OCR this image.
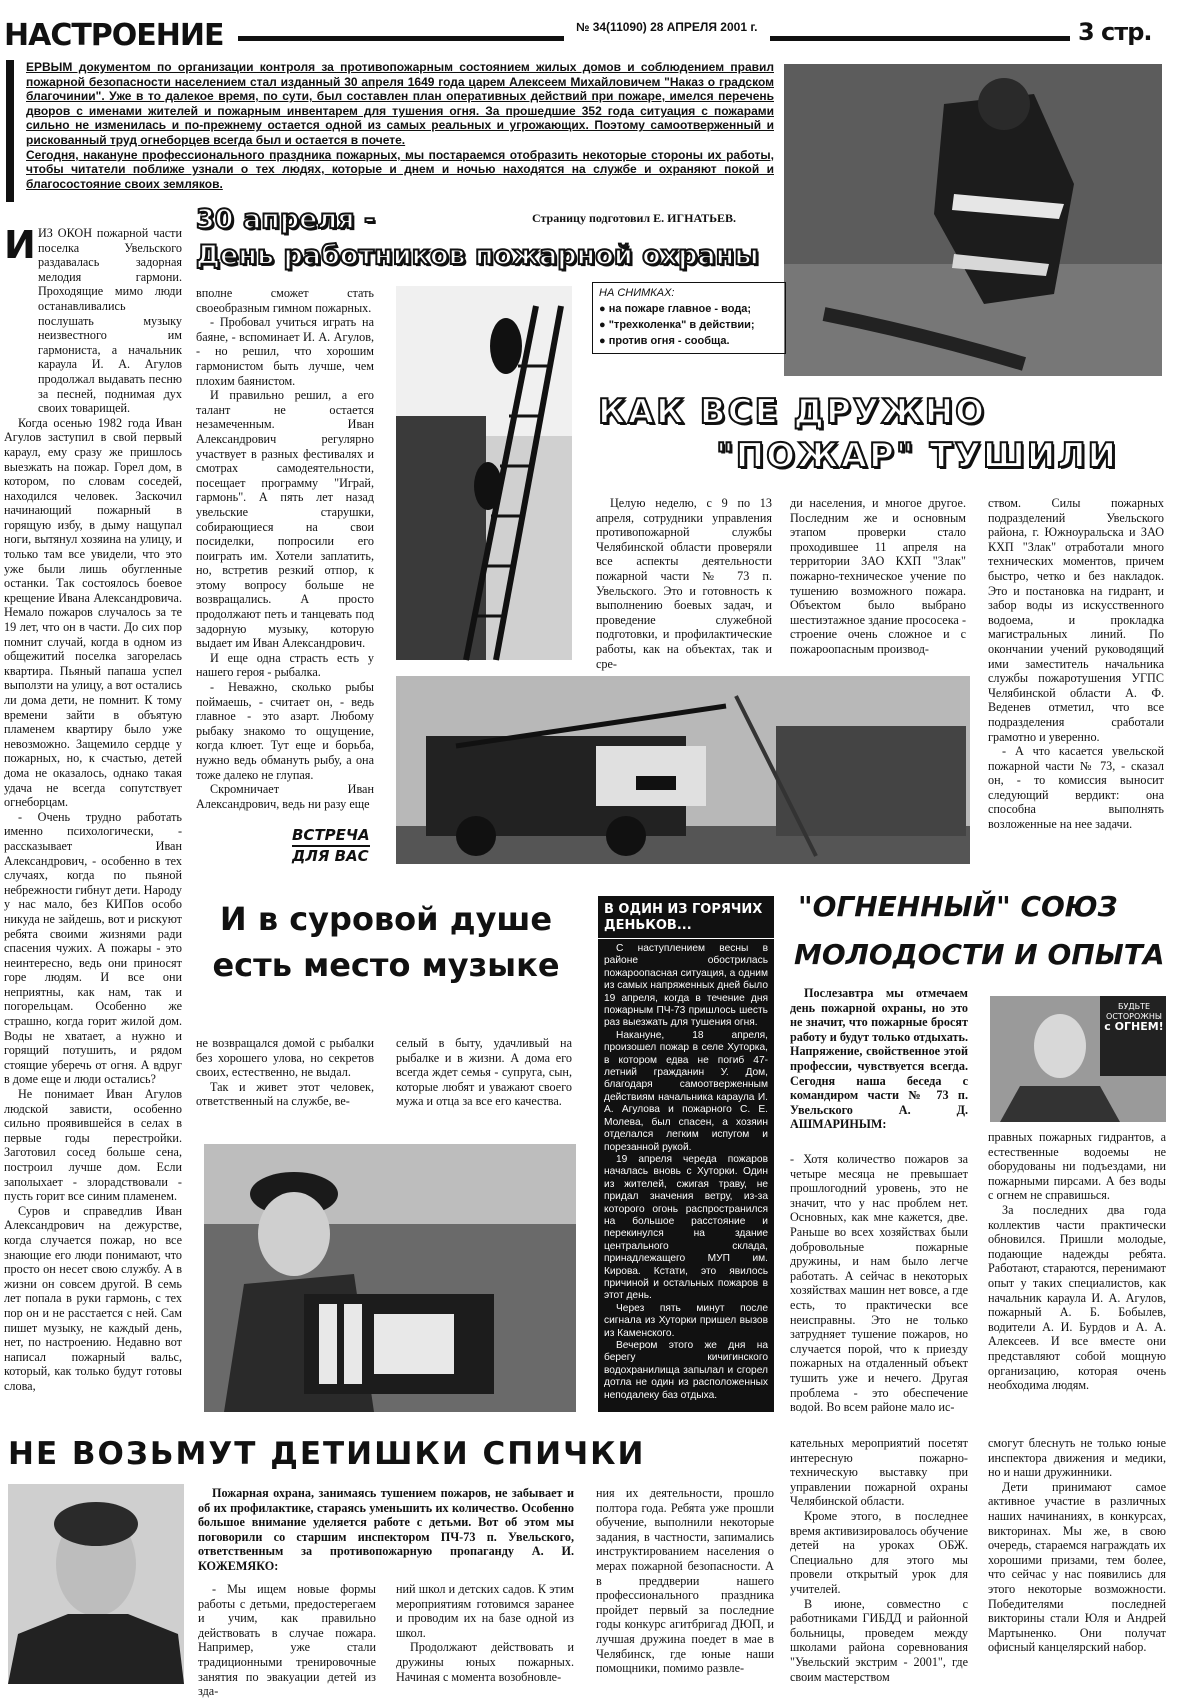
НАСТРОЕНИЕ	№ 34(11090) 28 АПРЕЛЯ 2001 г.	3 стр.
ЕРВЫМ документом по организации контроля за противопожарным состоянием жилых домов и соблюдением правил пожарной безопасности населением стал изданный 30 апреля 1649 года царем Алексеем Михайловичем "Наказ о градском благочинии". Уже в то далекое время, по сути, был составлен план оперативных действий при пожаре, имелся перечень дворов с именами жителей и пожарным инвентарем для тушения огня. За прошедшие 352 года ситуация с пожарами сильно не изменилась и по-прежнему остается одной из самых реальных и угрожающих. Поэтому самоотверженный и рискованный труд огнеборцев всегда был и остается в почете.
Сегодня, накануне профессионального праздника пожарных, мы постараемся отобразить некоторые стороны их работы, чтобы читатели поближе узнали о тех людях, которые и днем и ночью находятся на службе и охраняют покой и благосостояние своих земляков.
30 апреля -	Страницу подготовил Е. ИГНАТЬЕВ.
День работников пожарной охраны
И ИЗ ОКОН пожарной части поселка Увельского раздавалась задорная мелодия гармони. Проходящие мимо люди останавливались послушать музыку неизвестного им гармониста, а начальник караула И. А. Агулов продолжал выдавать песню за песней, поднимая дух своих товарищей.

Когда осенью 1982 года Иван Агулов заступил в свой первый караул, ему сразу же пришлось выезжать на пожар. Горел дом, в котором, по словам соседей, находился человек. Заскочил начинающий пожарный в горящую избу, в дыму нащупал ноги, вытянул хозяина на улицу, и только там все увидели, что это уже были лишь обугленные останки. Так состоялось боевое крещение Ивана Александровича. Немало пожаров случалось за те 19 лет, что он в части. До сих пор помнит случай, когда в одном из общежитий поселка загорелась квартира. Пьяный папаша успел выползти на улицу, а вот остались ли дома дети, не помнит. К тому времени зайти в объятую пламенем квартиру было уже невозможно. Защемило сердце у пожарных, но, к счастью, детей дома не оказалось, однако такая удача не всегда сопутствует огнеборцам.

- Очень трудно работать именно психологически, - рассказывает Иван Александрович, - особенно в тех случаях, когда по пьяной небрежности гибнут дети. Народу у нас мало, без КИПов особо никуда не зайдешь, вот и рискуют ребята своими жизнями ради спасения чужих. А пожары - это неинтересно, ведь они приносят горе людям. И все они неприятны, как нам, так и погорельцам. Особенно же страшно, когда горит жилой дом. Воды не хватает, а нужно и горящий потушить, и рядом стоящие уберечь от огня. А вдруг в доме еще и люди остались?

Не понимает Иван Агулов людской зависти, особенно сильно проявившейся в селах в первые годы перестройки. Заготовил сосед больше сена, построил лучше дом. Если заполыхает - злорадствовали - пусть горит все синим пламенем.

Суров и справедлив Иван Александрович на дежурстве, когда случается пожар, но все знающие его люди понимают, что просто он несет свою службу. А в жизни он совсем другой. В семь лет попала в руки гармонь, с тех пор он и не расстается с ней. Сам пишет музыку, не каждый день, нет, по настроению. Недавно вот написал пожарный вальс, который, как только будут готовы слова,

вполне сможет стать своеобразным гимном пожарных.

- Пробовал учиться играть на баяне, - вспоминает И. А. Агулов, - но решил, что хорошим гармонистом быть лучше, чем плохим баянистом.

И правильно решил, а его талант не остается незамеченным. Иван Александрович регулярно участвует в разных фестивалях и смотрах самодеятельности, посещает программу "Играй, гармонь". А пять лет назад увельские старушки, собирающиеся на свои посиделки, попросили его поиграть им. Хотели заплатить, но, встретив резкий отпор, к этому вопросу больше не возвращались. А просто продолжают петь и танцевать под задорную музыку, которую выдает им Иван Александрович.

И еще одна страсть есть у нашего героя - рыбалка.

- Неважно, сколько рыбы поймаешь, - считает он, - ведь главное - это азарт. Любому рыбаку знакомо то ощущение, когда клюет. Тут еще и борьба, нужно ведь обмануть рыбу, а она тоже далеко не глупая.

Скромничает Иван Александрович, ведь ни разу еще

ВСТРЕЧА
ДЛЯ ВАС
НА СНИМКАХ:
● на пожаре главное - вода;
● "трехколенка" в действии;
● против огня - сообща.
КАК ВСЕ ДРУЖНО
"ПОЖАР" ТУШИЛИ

Целую неделю, с 9 по 13 апреля, сотрудники управления противопожарной службы Челябинской области проверяли все аспекты деятельности пожарной части № 73 п. Увельского. Это и готовность к выполнению боевых задач, и проведение служебной подготовки, и профилактические работы, как на объектах, так и сре-

ди населения, и многое другое. Последним же и основным этапом проверки стало проходившее 11 апреля на территории ЗАО КХП "Злак" пожарно-техническое учение по тушению возможного пожара. Объектом было выбрано шестиэтажное здание прососека - строение очень сложное и с пожароопасным производ-

ством. Силы пожарных подразделений Увельского района, г. Южноуральска и ЗАО КХП "Злак" отработали много технических моментов, причем быстро, четко и без накладок. Это и постановка на гидрант, и забор воды из искусственного водоема, и прокладка магистральных линий. По окончании учений руководящий ими заместитель начальника службы пожаротушения УГПС Челябинской области А. Ф. Веденев отметил, что все подразделения сработали грамотно и уверенно.

- А что касается увельской пожарной части № 73, - сказал он, - то комиссия выносит следующий вердикт: она способна выполнять возложенные на нее задачи.

И в суровой душе есть место музыке

не возвращался домой с рыбалки без хорошего улова, но секретов своих, естественно, не выдал.

Так и живет этот человек, ответственный на службе, ве-

селый в быту, удачливый на рыбалке и в жизни. А дома его всегда ждет семья - супруга, сын, которые любят и уважают своего мужа и отца за все его качества.

В ОДИН ИЗ ГОРЯЧИХ
ДЕНЬКОВ...

С наступлением весны в районе обострилась пожароопасная ситуация, а одним из самых напряженных дней было 19 апреля, когда в течение дня пожарным ПЧ-73 пришлось шесть раз выезжать для тушения огня.

Накануне, 18 апреля, произошел пожар в селе Хуторка, в котором едва не погиб 47-летний гражданин У. Дом, благодаря самоотверженным действиям начальника караула И. А. Агулова и пожарного С. Е. Молева, был спасен, а хозяин отделался легким испугом и порезанной рукой.

19 апреля череда пожаров началась вновь с Хуторки. Один из жителей, сжигая траву, не придал значения ветру, из-за которого огонь распространился на большое расстояние и перекинулся на здание центрального склада, принадлежащего МУП им. Кирова. Кстати, это явилось причиной и остальных пожаров в этот день.

Через пять минут после сигнала из Хуторки пришел вызов из Каменского.

Вечером этого же дня на берегу кичигинского водохранилища запылал и сгорел дотла не один из расположенных неподалеку баз отдыха.

"ОГНЕННЫЙ" СОЮЗ
МОЛОДОСТИ И ОПЫТА

Послезавтра мы отмечаем день пожарной охраны, но это не значит, что пожарные бросят работу и будут только отдыхать. Напряжение, свойственное этой профессии, чувствуется всегда. Сегодня наша беседа с командиром части № 73 п. Увельского А. Д. АШМАРИНЫМ:

- Хотя количество пожаров за четыре месяца не превышает прошлогодний уровень, это не значит, что у нас проблем нет. Основных, как мне кажется, две. Раньше во всех хозяйствах были добровольные пожарные дружины, и нам было легче работать. А сейчас в некоторых хозяйствах машин нет вовсе, а где есть, то практически все неисправны. Это не только затрудняет тушение пожаров, но случается порой, что к приезду пожарных на отдаленный объект тушить уже и нечего. Другая проблема - это обеспечение водой. Во всем районе мало ис-

БУДЬТЕ
ОСТОРОЖНЫ
с ОГНЕМ!

правных пожарных гидрантов, а естественные водоемы не оборудованы ни подъездами, ни пожарными пирсами. А без воды с огнем не справишься.

За последних два года коллектив части практически обновился. Пришли молодые, подающие надежды ребята. Работают, стараются, перенимают опыт у таких специалистов, как начальник караула И. А. Агулов, пожарный А. Б. Бобылев, водители А. И. Бурдов и А. А. Алексеев. И все вместе они представляют собой мощную организацию, которая очень необходима людям.

НЕ ВОЗЬМУТ ДЕТИШКИ СПИЧКИ

Пожарная охрана, занимаясь тушением пожаров, не забывает и об их профилактике, стараясь уменьшить их количество. Особенно большое внимание уделяется работе с детьми. Вот об этом мы поговорили со старшим инспектором ПЧ-73 п. Увельского, ответственным за противопожарную пропаганду А. И. КОЖЕМЯКО:

- Мы ищем новые формы работы с детьми, предостерегаем и учим, как правильно действовать в случае пожара. Например, уже стали традиционными тренировочные занятия по эвакуации детей из зда-

ний школ и детских садов. К этим мероприятиям готовимся заранее и проводим их на базе одной из школ.

Продолжают действовать и дружины юных пожарных. Начиная с момента возобновле-

ния их деятельности, прошло полтора года. Ребята уже прошли обучение, выполнили некоторые задания, в частности, запимались инструктированием населения о мерах пожарной безопасности. А в преддверии нашего профессионального праздника пройдет первый за последние годы конкурс агитбригад ДЮП, и лучшая дружина поедет в мае в Челябинск, где юные наши помощники, помимо развле-

кательных мероприятий посетят интересную пожарно-техническую выставку при управлении пожарной охраны Челябинской области.

Кроме этого, в последнее время активизировалось обучение детей на уроках ОБЖ. Специально для этого мы провели открытый урок для учителей.

В июне, совместно с работниками ГИБДД и районной больницы, проведем между школами района соревнования "Увельский экстрим - 2001", где своим мастерством

смогут блеснуть не только юные инспектора движения и медики, но и наши дружинники.

Дети принимают самое активное участие в различных наших начинаниях, в конкурсах, викторинах. Мы же, в свою очередь, стараемся награждать их хорошими призами, тем более, что сейчас у нас появились для этого некоторые возможности. Победителями последней викторины стали Юля и Андрей Мартыненко. Они получат офисный канцелярский набор.
